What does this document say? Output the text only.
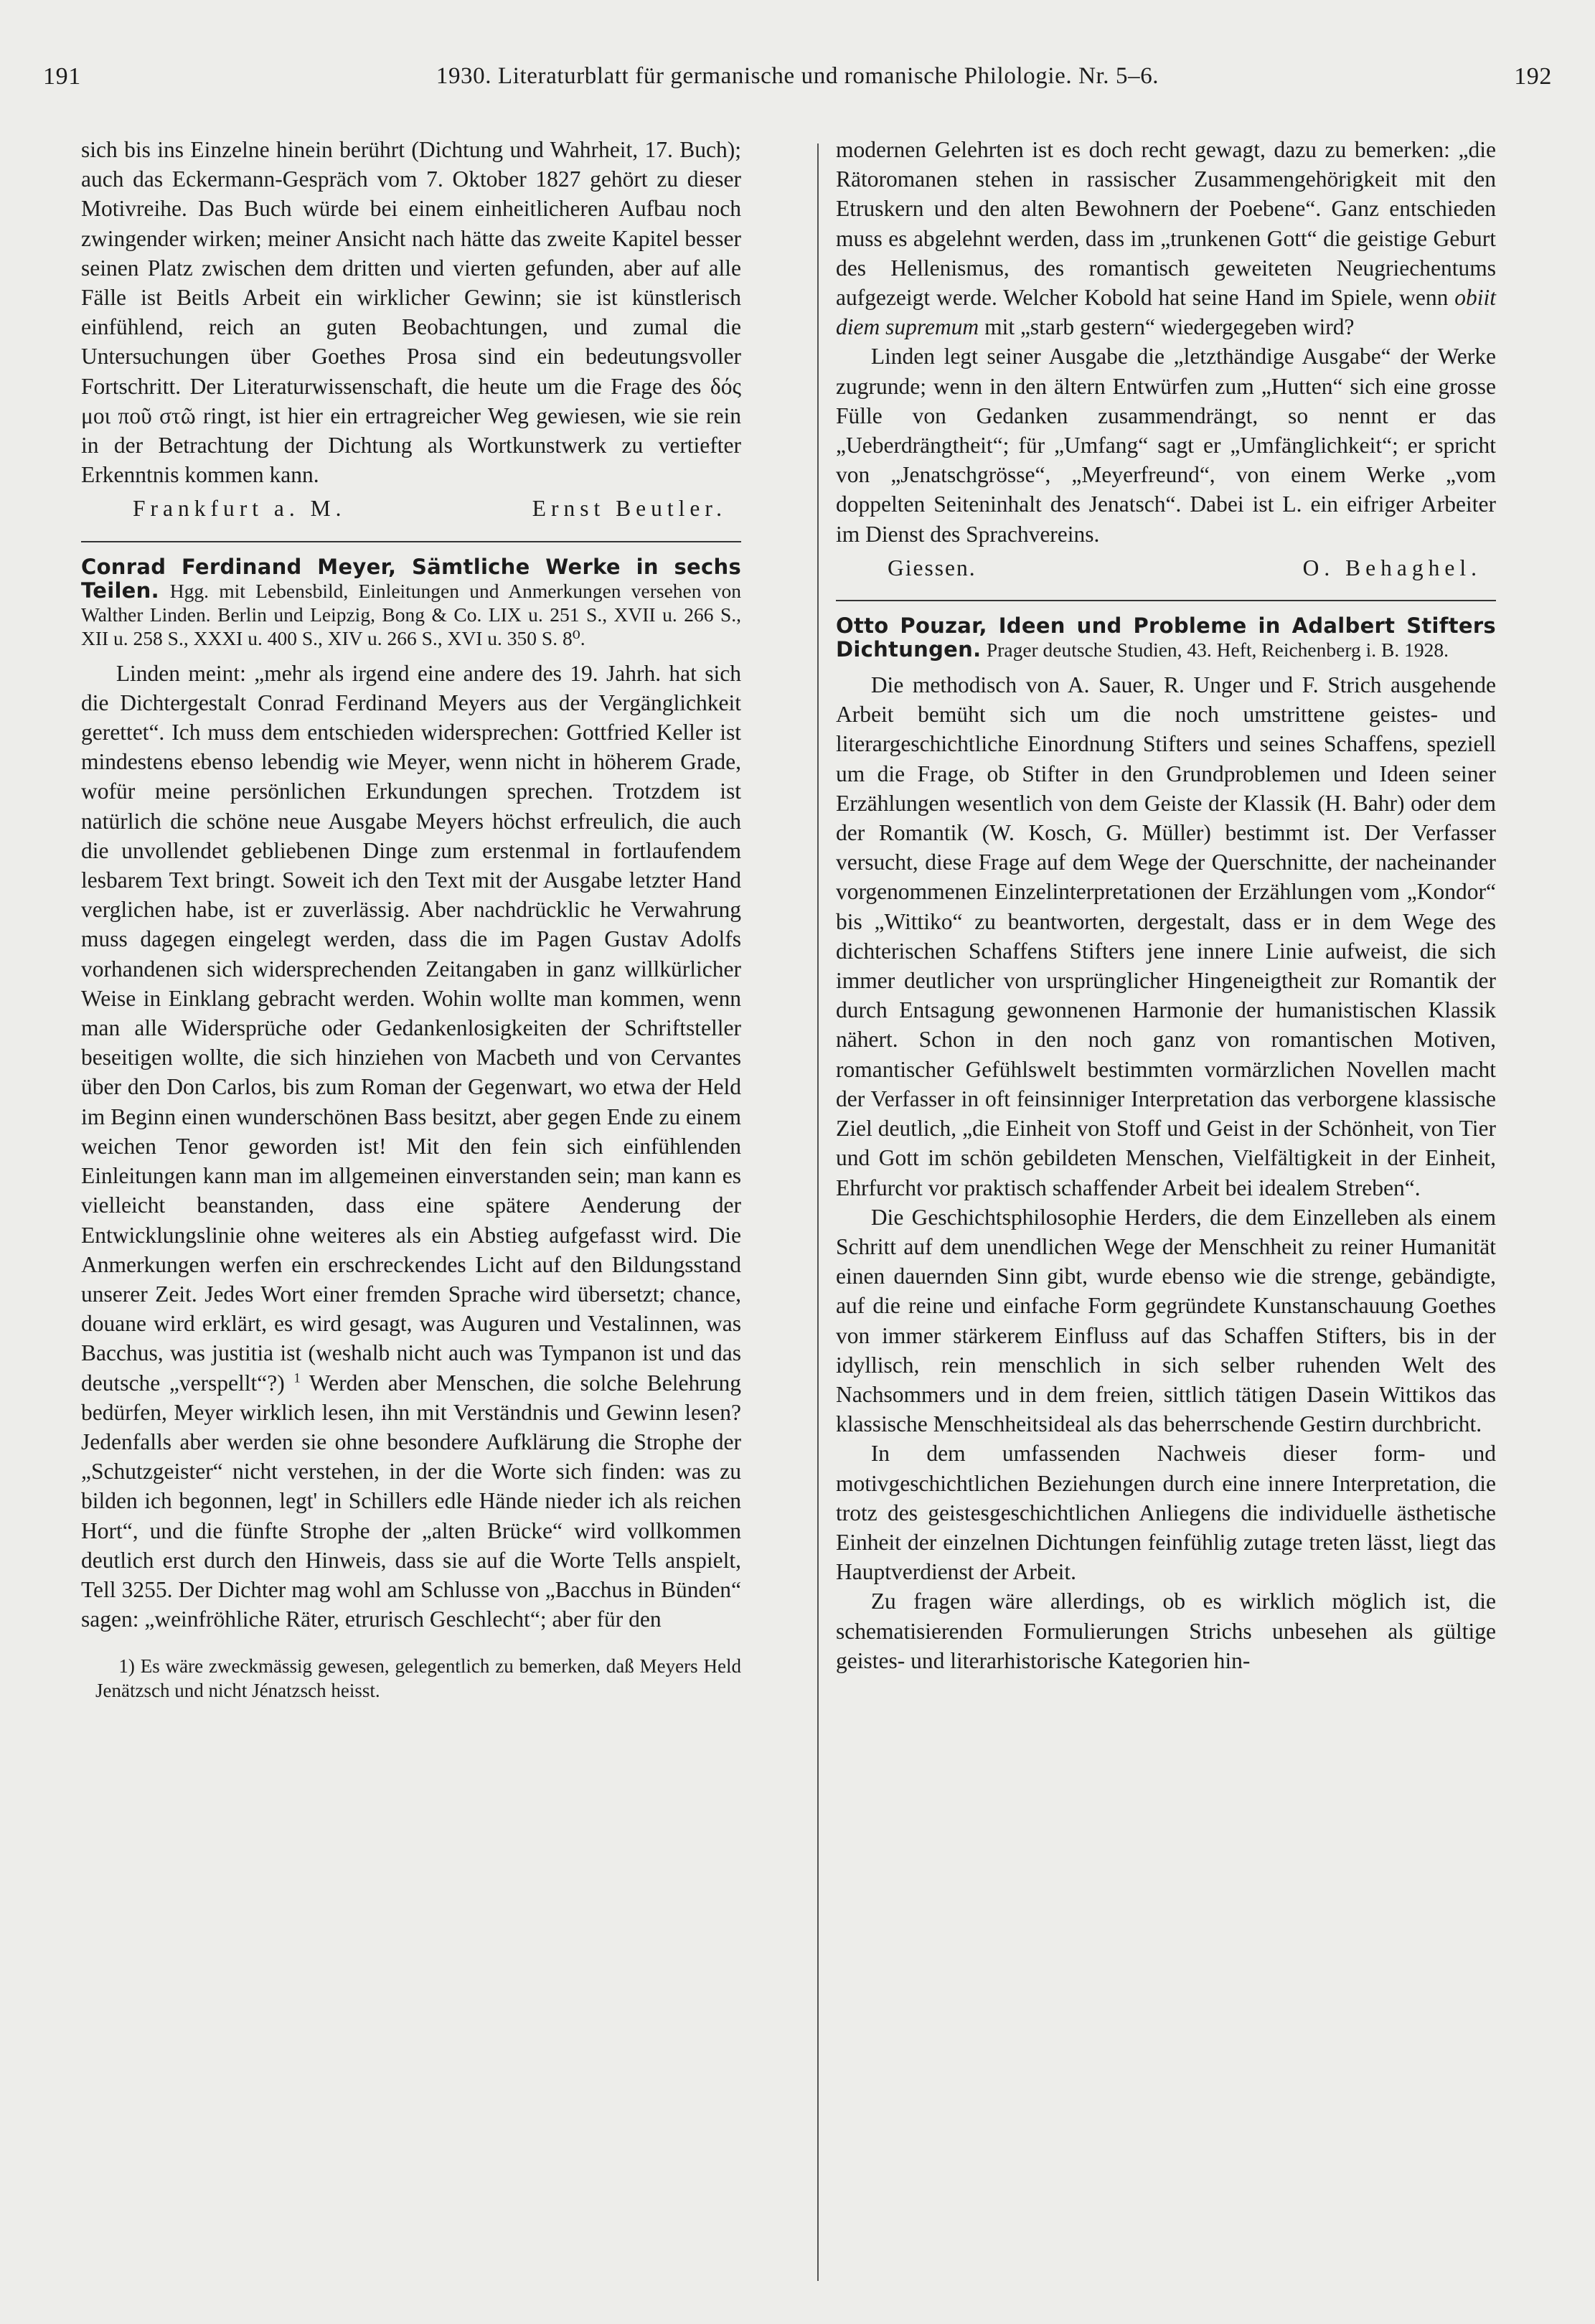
191	1930. Literaturblatt für germanische und romanische Philologie. Nr. 5–6.	192

sich bis ins Einzelne hinein berührt (Dichtung und Wahrheit, 17. Buch); auch das Eckermann-Gespräch vom 7. Oktober 1827 gehört zu dieser Motivreihe. Das Buch würde bei einem einheitlicheren Aufbau noch zwingender wirken; meiner Ansicht nach hätte das zweite Kapitel besser seinen Platz zwischen dem dritten und vierten gefunden, aber auf alle Fälle ist Beitls Arbeit ein wirklicher Gewinn; sie ist künstlerisch einfühlend, reich an guten Beobachtungen, und zumal die Untersuchungen über Goethes Prosa sind ein bedeutungsvoller Fortschritt. Der Literaturwissenschaft, die heute um die Frage des δός μοι ποῦ στῶ ringt, ist hier ein ertragreicher Weg gewiesen, wie sie rein in der Betrachtung der Dichtung als Wortkunstwerk zu vertiefter Erkenntnis kommen kann.

Frankfurt a. M.	Ernst Beutler.
Conrad Ferdinand Meyer, Sämtliche Werke in sechs Teilen. Hgg. mit Lebensbild, Einleitungen und Anmerkungen versehen von Walther Linden. Berlin und Leipzig, Bong & Co. LIX u. 251 S., XVII u. 266 S., XII u. 258 S., XXXI u. 400 S., XIV u. 266 S., XVI u. 350 S. 8⁰.

Linden meint: „mehr als irgend eine andere des 19. Jahrh. hat sich die Dichtergestalt Conrad Ferdinand Meyers aus der Vergänglichkeit gerettet“. Ich muss dem entschieden widersprechen: Gottfried Keller ist mindestens ebenso lebendig wie Meyer, wenn nicht in höherem Grade, wofür meine persönlichen Erkundungen sprechen. Trotzdem ist natürlich die schöne neue Ausgabe Meyers höchst erfreulich, die auch die unvollendet gebliebenen Dinge zum erstenmal in fortlaufendem lesbarem Text bringt. Soweit ich den Text mit der Ausgabe letzter Hand verglichen habe, ist er zuverlässig. Aber nachdrücklic he Verwahrung muss dagegen eingelegt werden, dass die im Pagen Gustav Adolfs vorhandenen sich widersprechenden Zeitangaben in ganz willkürlicher Weise in Einklang gebracht werden. Wohin wollte man kommen, wenn man alle Widersprüche oder Gedankenlosigkeiten der Schriftsteller beseitigen wollte, die sich hinziehen von Macbeth und von Cervantes über den Don Carlos, bis zum Roman der Gegenwart, wo etwa der Held im Beginn einen wunderschönen Bass besitzt, aber gegen Ende zu einem weichen Tenor geworden ist! Mit den fein sich einfühlenden Einleitungen kann man im allgemeinen einverstanden sein; man kann es vielleicht beanstanden, dass eine spätere Aenderung der Entwicklungslinie ohne weiteres als ein Abstieg aufgefasst wird. Die Anmerkungen werfen ein erschreckendes Licht auf den Bildungsstand unserer Zeit. Jedes Wort einer fremden Sprache wird übersetzt; chance, douane wird erklärt, es wird gesagt, was Auguren und Vestalinnen, was Bacchus, was justitia ist (weshalb nicht auch was Tympanon ist und das deutsche „verspellt“?) $^1$ Werden aber Menschen, die solche Belehrung bedürfen, Meyer wirklich lesen, ihn mit Verständnis und Gewinn lesen? Jedenfalls aber werden sie ohne besondere Aufklärung die Strophe der „Schutzgeister“ nicht verstehen, in der die Worte sich finden: was zu bilden ich begonnen, legt' in Schillers edle Hände nieder ich als reichen Hort“, und die fünfte Strophe der „alten Brücke“ wird vollkommen deutlich erst durch den Hinweis, dass sie auf die Worte Tells anspielt, Tell 3255. Der Dichter mag wohl am Schlusse von „Bacchus in Bünden“ sagen: „weinfröhliche Räter, etrurisch Geschlecht“; aber für den

1) Es wäre zweckmässig gewesen, gelegentlich zu bemerken, daß Meyers Held Jenätzsch und nicht Jénatzsch heisst.

modernen Gelehrten ist es doch recht gewagt, dazu zu bemerken: „die Rätoromanen stehen in rassischer Zusammengehörigkeit mit den Etruskern und den alten Bewohnern der Poebene“. Ganz entschieden muss es abgelehnt werden, dass im „trunkenen Gott“ die geistige Geburt des Hellenismus, des romantisch geweiteten Neugriechentums aufgezeigt werde. Welcher Kobold hat seine Hand im Spiele, wenn obiit diem supremum mit „starb gestern“ wiedergegeben wird?

Linden legt seiner Ausgabe die „letzthändige Ausgabe“ der Werke zugrunde; wenn in den ältern Entwürfen zum „Hutten“ sich eine grosse Fülle von Gedanken zusammendrängt, so nennt er das „Ueberdrängtheit“; für „Umfang“ sagt er „Umfänglichkeit“; er spricht von „Jenatschgrösse“, „Meyerfreund“, von einem Werke „vom doppelten Seiteninhalt des Jenatsch“. Dabei ist L. ein eifriger Arbeiter im Dienst des Sprachvereins.

Giessen.	O. Behaghel.
Otto Pouzar, Ideen und Probleme in Adalbert Stifters Dichtungen. Prager deutsche Studien, 43. Heft, Reichenberg i. B. 1928.

Die methodisch von A. Sauer, R. Unger und F. Strich ausgehende Arbeit bemüht sich um die noch umstrittene geistes- und literargeschichtliche Einordnung Stifters und seines Schaffens, speziell um die Frage, ob Stifter in den Grundproblemen und Ideen seiner Erzählungen wesentlich von dem Geiste der Klassik (H. Bahr) oder dem der Romantik (W. Kosch, G. Müller) bestimmt ist. Der Verfasser versucht, diese Frage auf dem Wege der Querschnitte, der nacheinander vorgenommenen Einzelinterpretationen der Erzählungen vom „Kondor“ bis „Wittiko“ zu beantworten, dergestalt, dass er in dem Wege des dichterischen Schaffens Stifters jene innere Linie aufweist, die sich immer deutlicher von ursprünglicher Hingeneigtheit zur Romantik der durch Entsagung gewonnenen Harmonie der humanistischen Klassik nähert. Schon in den noch ganz von romantischen Motiven, romantischer Gefühlswelt bestimmten vormärzlichen Novellen macht der Verfasser in oft feinsinniger Interpretation das verborgene klassische Ziel deutlich, „die Einheit von Stoff und Geist in der Schönheit, von Tier und Gott im schön gebildeten Menschen, Vielfältigkeit in der Einheit, Ehrfurcht vor praktisch schaffender Arbeit bei idealem Streben“.

Die Geschichtsphilosophie Herders, die dem Einzelleben als einem Schritt auf dem unendlichen Wege der Menschheit zu reiner Humanität einen dauernden Sinn gibt, wurde ebenso wie die strenge, gebändigte, auf die reine und einfache Form gegründete Kunstanschauung Goethes von immer stärkerem Einfluss auf das Schaffen Stifters, bis in der idyllisch, rein menschlich in sich selber ruhenden Welt des Nachsommers und in dem freien, sittlich tätigen Dasein Wittikos das klassische Menschheitsideal als das beherrschende Gestirn durchbricht.

In dem umfassenden Nachweis dieser form- und motivgeschichtlichen Beziehungen durch eine innere Interpretation, die trotz des geistesgeschichtlichen Anliegens die individuelle ästhetische Einheit der einzelnen Dichtungen feinfühlig zutage treten lässt, liegt das Hauptverdienst der Arbeit.

Zu fragen wäre allerdings, ob es wirklich möglich ist, die schematisierenden Formulierungen Strichs unbesehen als gültige geistes- und literarhistorische Kategorien hin-
